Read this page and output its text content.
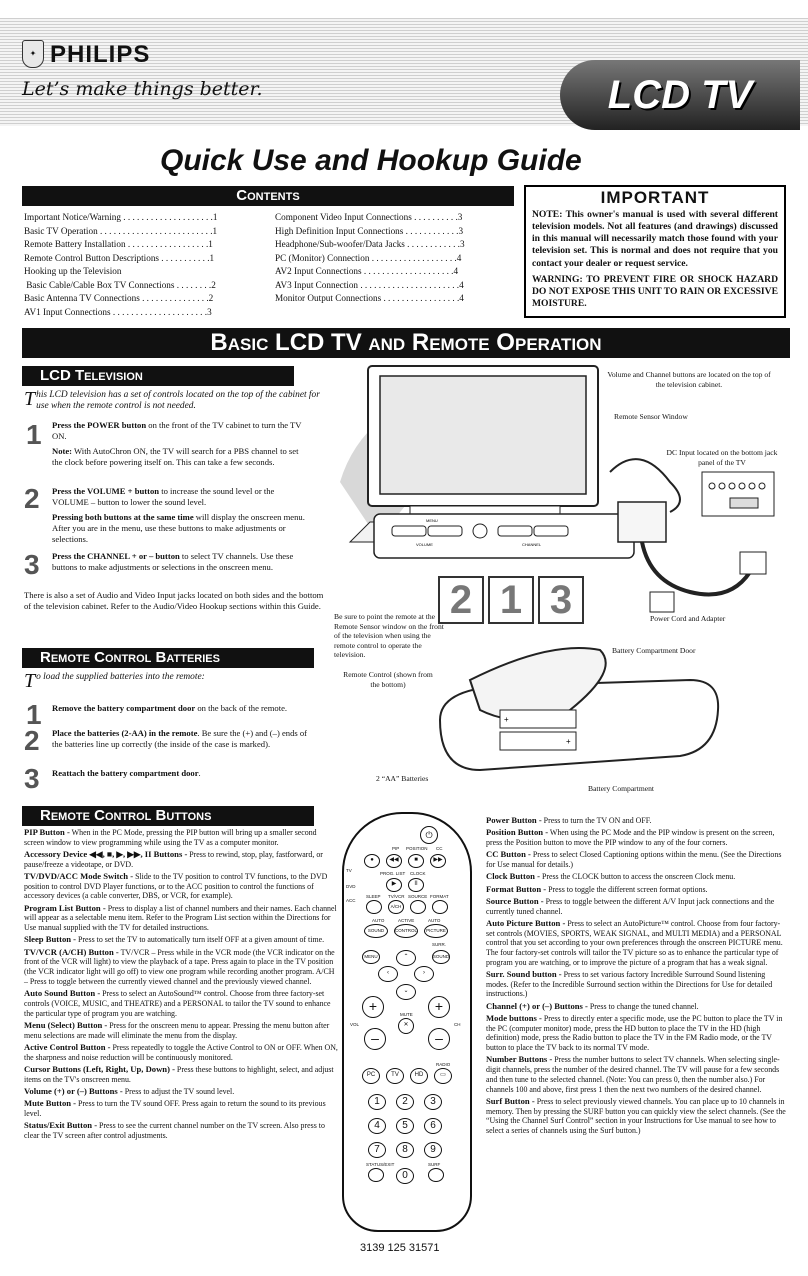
✦ PHILIPS
Let’s make things better.	LCD TV
Quick Use and Hookup Guide
Contents
Important Notice/Warning . . . . . . . . . . . . . . . . . . . .1
Basic TV Operation . . . . . . . . . . . . . . . . . . . . . . . . .1
Remote Battery Installation . . . . . . . . . . . . . . . . . .1
Remote Control Button Descriptions . . . . . . . . . . .1
Hooking up the Television
Basic Cable/Cable Box TV Connections . . . . . . . .2
Basic Antenna TV Connections . . . . . . . . . . . . . . .2
AV1 Input Connections . . . . . . . . . . . . . . . . . . . . .3
Component Video Input Connections . . . . . . . . . .3
High Definition Input Connections . . . . . . . . . . . .3
Headphone/Sub-woofer/Data Jacks . . . . . . . . . . . .3
PC (Monitor) Connection . . . . . . . . . . . . . . . . . . .4
AV2 Input Connections . . . . . . . . . . . . . . . . . . . .4
AV3 Input Connection . . . . . . . . . . . . . . . . . . . . . .4
Monitor Output Connections . . . . . . . . . . . . . . . . .4
IMPORTANT

NOTE: This owner's manual is used with several different television models. Not all features (and drawings) discussed in this manual will necessarily match those found with your television set. This is normal and does not require that you contact your dealer or request service.

WARNING: TO PREVENT FIRE OR SHOCK HAZARD DO NOT EXPOSE THIS UNIT TO RAIN OR EXCESSIVE MOISTURE.

Basic LCD TV and Remote Operation
LCD Television
This LCD television has a set of controls located on the top of the cabinet for use when the remote control is not needed.
1 Press the POWER button on the front of the TV cabinet to turn the TV ON.
Note: With AutoChron ON, the TV will search for a PBS channel to set the clock before powering itself on. This can take a few seconds.
2 Press the VOLUME + button to increase the sound level or the VOLUME – button to lower the sound level.
Pressing both buttons at the same time will display the onscreen menu. After you are in the menu, use these buttons to make adjustments or selections.
3 Press the CHANNEL + or – button to select TV channels. Use these buttons to make adjustments or selections in the onscreen menu.
There is also a set of Audio and Video Input jacks located on both sides and the bottom of the television cabinet. Refer to the Audio/Video Hookup sections within this Guide.
MENU
VOLUME	CHANNEL
2 1 3
Volume and Channel buttons are located on the top of the television cabinet.
Remote Sensor Window
DC Input located on the bottom jack panel of the TV
Be sure to point the remote at the Remote Sensor window on the front of the television when using the remote control to operate the television.
Power Cord and Adapter
Remote Control Batteries
To load the supplied batteries into the remote:
1 Remove the battery compartment door on the back of the remote.
2 Place the batteries (2-AA) in the remote. Be sure the (+) and (–) ends of the batteries line up correctly (the inside of the case is marked).
3 Reattach the battery compartment door.
+
+
Battery Compartment Door
Remote Control (shown from the bottom)
2 “AA” Batteries
Battery Compartment
Remote Control Buttons

PIP Button - When in the PC Mode, pressing the PIP button will bring up a smaller second screen window to view programming while using the TV as a computer monitor.

Accessory Device ◀◀, ■, ▶, ▶▶, II Buttons - Press to rewind, stop, play, fastforward, or pause/freeze a videotape, or DVD.

TV/DVD/ACC Mode Switch - Slide to the TV position to control TV functions, to the DVD position to control DVD Player functions, or to the ACC position to control the functions of accessory devices (a cable converter, DBS, or VCR, for example).

Program List Button - Press to display a list of channel numbers and their names. Each channel will appear as a selectable menu item. Refer to the Program List section within the Directions for Use manual supplied with the TV for detailed instructions.

Sleep Button - Press to set the TV to automatically turn itself OFF at a given amount of time.

TV/VCR (A/CH) Button - TV/VCR – Press while in the VCR mode (the VCR indicator on the front of the VCR will light) to view the playback of a tape. Press again to place in the TV position (the VCR indicator light will go off) to view one program while recording another program. A/CH – Press to toggle between the currently viewed channel and the previously viewed channel.

Auto Sound Button - Press to select an AutoSound™ control. Choose from three factory-set controls (VOICE, MUSIC, and THEATRE) and a PERSONAL to tailor the TV sound to enhance the particular type of program you are watching.

Menu (Select) Button - Press for the onscreen menu to appear. Pressing the menu button after menu selections are made will eliminate the menu from the display.

Active Control Button - Press repeatedly to toggle the Active Control to ON or OFF. When ON, the sharpness and noise reduction will be continuously monitored.

Cursor Buttons (Left, Right, Up, Down) - Press these buttons to highlight, select, and adjust items on the TV's onscreen menu.

Volume (+) or (–) Buttons - Press to adjust the TV sound level.

Mute Button - Press to turn the TV sound OFF. Press again to return the sound to its previous level.

Status/Exit Button - Press to see the current channel number on the TV screen. Also press to clear the TV screen after control adjustments.

Power Button - Press to turn the TV ON and OFF.

Position Button - When using the PC Mode and the PIP window is present on the screen, press the Position button to move the PIP window to any of the four corners.

CC Button - Press to select Closed Captioning options within the menu. (See the Directions for Use manual for details.)

Clock Button - Press the CLOCK button to access the onscreen Clock menu.

Format Button - Press to toggle the different screen format options.

Source Button - Press to toggle between the different A/V Input jack connections and the currently tuned channel.

Auto Picture Button - Press to select an AutoPicture™ control. Choose from four factory-set controls (MOVIES, SPORTS, WEAK SIGNAL, and MULTI MEDIA) and a PERSONAL control that you set according to your own preferences through the onscreen PICTURE menu. The four factory-set controls will tailor the TV picture so as to enhance the particular type of program you are watching, or to improve the picture of a program that has a weak signal.

Surr. Sound button - Press to set various factory Incredible Surround Sound listening modes. (Refer to the Incredible Surround section within the Directions for Use for detailed instructions.)

Channel (+) or (–) Buttons - Press to change the tuned channel.

Mode buttons - Press to directly enter a specific mode, use the PC button to place the TV in the PC (computer monitor) mode, press the HD button to place the TV in the HD (high definition) mode, press the Radio button to place the TV in the FM Radio mode, or the TV button to place the TV back to its normal TV mode.

Number Buttons - Press the number buttons to select TV channels. When selecting single-digit channels, press the number of the desired channel. The TV will pause for a few seconds and then tune to the selected channel. (Note: You can press 0, then the number also.) For channels 100 and above, first press 1 then the next two numbers of the desired channel.

Surf Button - Press to select previously viewed channels. You can place up to 10 channels in memory. Then by pressing the SURF button you can quickly view the select channels. (See the “Using the Channel Surf Control” section in your Instructions for Use manual to see how to select a series of channels using the Surf button.)

⏻
●	◀◀	■	▶▶
▶	II
PIP POSITION CC
PROG. LIST CLOCK
TV
DVD
ACC
SLEEP TV/VCR SOURCE FORMAT
A/CH
AUTO	ACTIVE	AUTO
SOUND CONTROL PICTURE
SURR.
MENU	SOUND
⌃
‹	›
⌄
+	+
VOL
MUTE
CH
✕
–	–
RADIO
PC	TV	HD	▭
1	2	3
4	5	6
7	8	9
STATUS/EXIT	SURF
0
3139 125 31571
